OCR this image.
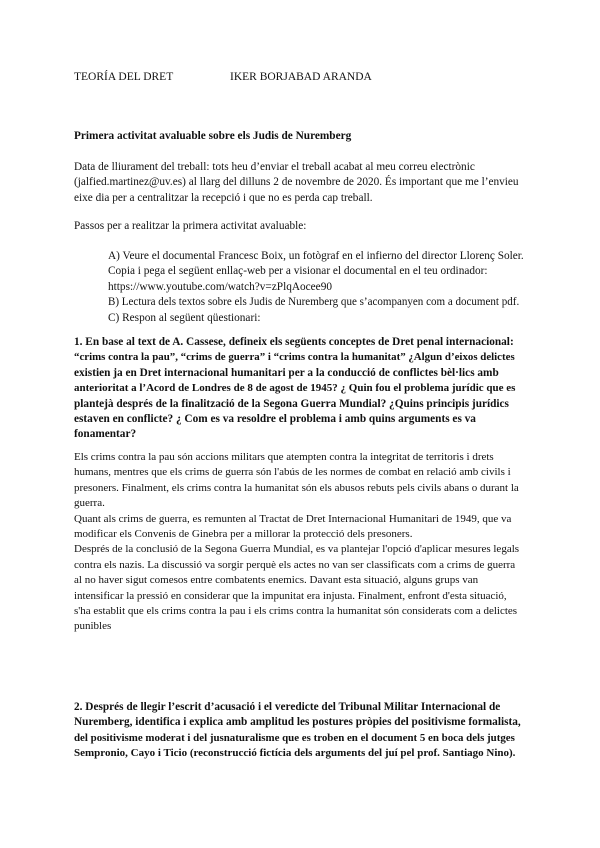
TEORÍA DEL DRET	IKER BORJABAD ARANDA
Primera activitat avaluable sobre els Judis de Nuremberg
Data de lliurament del treball: tots heu d’enviar el treball acabat al meu correu electrònic
(jalfied.martinez@uv.es) al llarg del dilluns 2 de novembre de 2020. És important que me l’envieu
eixe dia per a centralitzar la recepció i que no es perda cap treball.
Passos per a realitzar la primera activitat avaluable:
A) Veure el documental Francesc Boix, un fotògraf en el infierno del director Llorenç Soler.
Copia i pega el següent enllaç-web per a visionar el documental en el teu ordinador:
https://www.youtube.com/watch?v=zPlqAocee90
B) Lectura dels textos sobre els Judis de Nuremberg que s’acompanyen com a document pdf.
C) Respon al següent qüestionari:
1. En base al text de A. Cassese, defineix els següents conceptes de Dret penal internacional:
“crims contra la pau”, “crims de guerra” i “crims contra la humanitat” ¿Algun d’eixos delictes
existien ja en Dret internacional humanitari per a la conducció de conflictes bèl·lics amb
anterioritat a l’Acord de Londres de 8 de agost de 1945? ¿ Quin fou el problema jurídic que es
plantejà després de la finalització de la Segona Guerra Mundial? ¿Quins principis jurídics
estaven en conflicte? ¿ Com es va resoldre el problema i amb quins arguments es va
fonamentar?
Els crims contra la pau són accions militars que atempten contra la integritat de territoris i drets
humans, mentres que els crims de guerra són l'abús de les normes de combat en relació amb civils i
presoners. Finalment, els crims contra la humanitat són els abusos rebuts pels civils abans o durant la
guerra.
Quant als crims de guerra, es remunten al Tractat de Dret Internacional Humanitari de 1949, que va
modificar els Convenis de Ginebra per a millorar la protecció dels presoners.
Després de la conclusió de la Segona Guerra Mundial, es va plantejar l'opció d'aplicar mesures legals
contra els nazis. La discussió va sorgir perquè els actes no van ser classificats com a crims de guerra
al no haver sigut comesos entre combatents enemics. Davant esta situació, alguns grups van
intensificar la pressió en considerar que la impunitat era injusta. Finalment, enfront d'esta situació,
s'ha establit que els crims contra la pau i els crims contra la humanitat són considerats com a delictes
punibles
2. Després de llegir l’escrit d’acusació i el veredicte del Tribunal Militar Internacional de
Nuremberg, identifica i explica amb amplitud les postures pròpies del positivisme formalista,
del positivisme moderat i del jusnaturalisme que es troben en el document 5 en boca dels jutges
Sempronio, Cayo i Ticio (reconstrucció fictícia dels arguments del juí pel prof. Santiago Nino).
